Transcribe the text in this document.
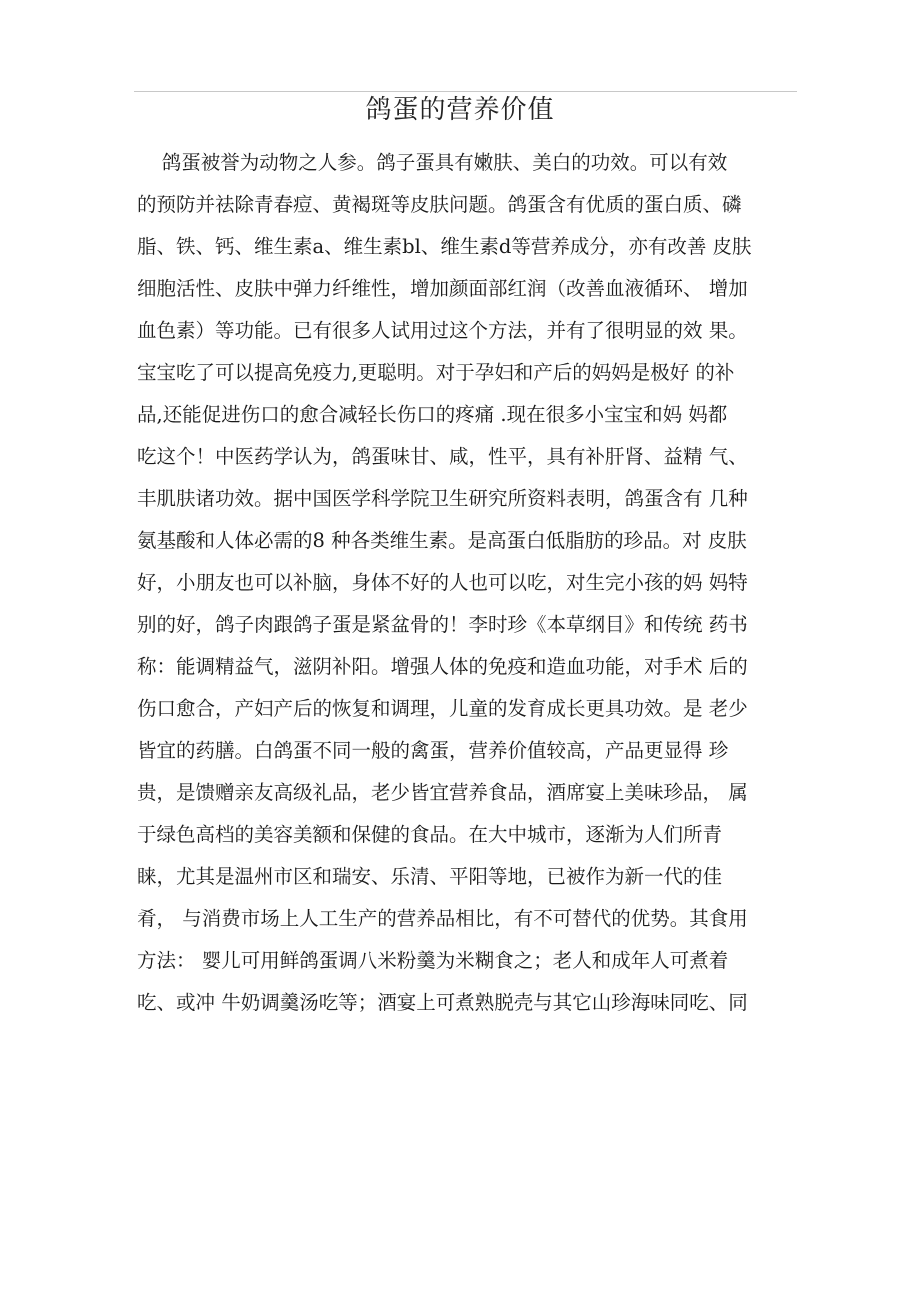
鸽蛋的营养价值
鸽蛋被誉为动物之人参。鸽子蛋具有嫩肤、美白的功效。可以有效
的预防并祛除青春痘、黄褐斑等皮肤问题。鸽蛋含有优质的蛋白质、磷
脂、铁、钙、维生素a、维生素bl、维生素d等营养成分，亦有改善 皮肤
细胞活性、皮肤中弹力纤维性，增加颜面部红润（改善血液循环、 增加
血色素）等功能。已有很多人试用过这个方法，并有了很明显的效 果。
宝宝吃了可以提高免疫力,更聪明。对于孕妇和产后的妈妈是极好 的补
品,还能促进伤口的愈合减轻长伤口的疼痛 .现在很多小宝宝和妈 妈都
吃这个！中医药学认为，鸽蛋味甘、咸，性平，具有补肝肾、益精 气、
丰肌肤诸功效。据中国医学科学院卫生研究所资料表明，鸽蛋含有 几种
氨基酸和人体必需的8 种各类维生素。是高蛋白低脂肪的珍品。对 皮肤
好，小朋友也可以补脑，身体不好的人也可以吃，对生完小孩的妈 妈特
别的好，鸽子肉跟鸽子蛋是紧盆骨的！李时珍《本草纲目》和传统 药书
称：能调精益气，滋阴补阳。增强人体的免疫和造血功能，对手术 后的
伤口愈合，产妇产后的恢复和调理，儿童的发育成长更具功效。是 老少
皆宜的药膳。白鸽蛋不同一般的禽蛋，营养价值较高，产品更显得 珍
贵，是馈赠亲友高级礼品，老少皆宜营养食品，酒席宴上美味珍品， 属
于绿色高档的美容美额和保健的食品。在大中城市，逐渐为人们所青
睐，尤其是温州市区和瑞安、乐清、平阳等地，已被作为新一代的佳
肴， 与消费市场上人工生产的营养品相比，有不可替代的优势。其食用
方法： 婴儿可用鲜鸽蛋调八米粉羹为米糊食之；老人和成年人可煮着
吃、或冲 牛奶调羹汤吃等；酒宴上可煮熟脱壳与其它山珍海味同吃、同
